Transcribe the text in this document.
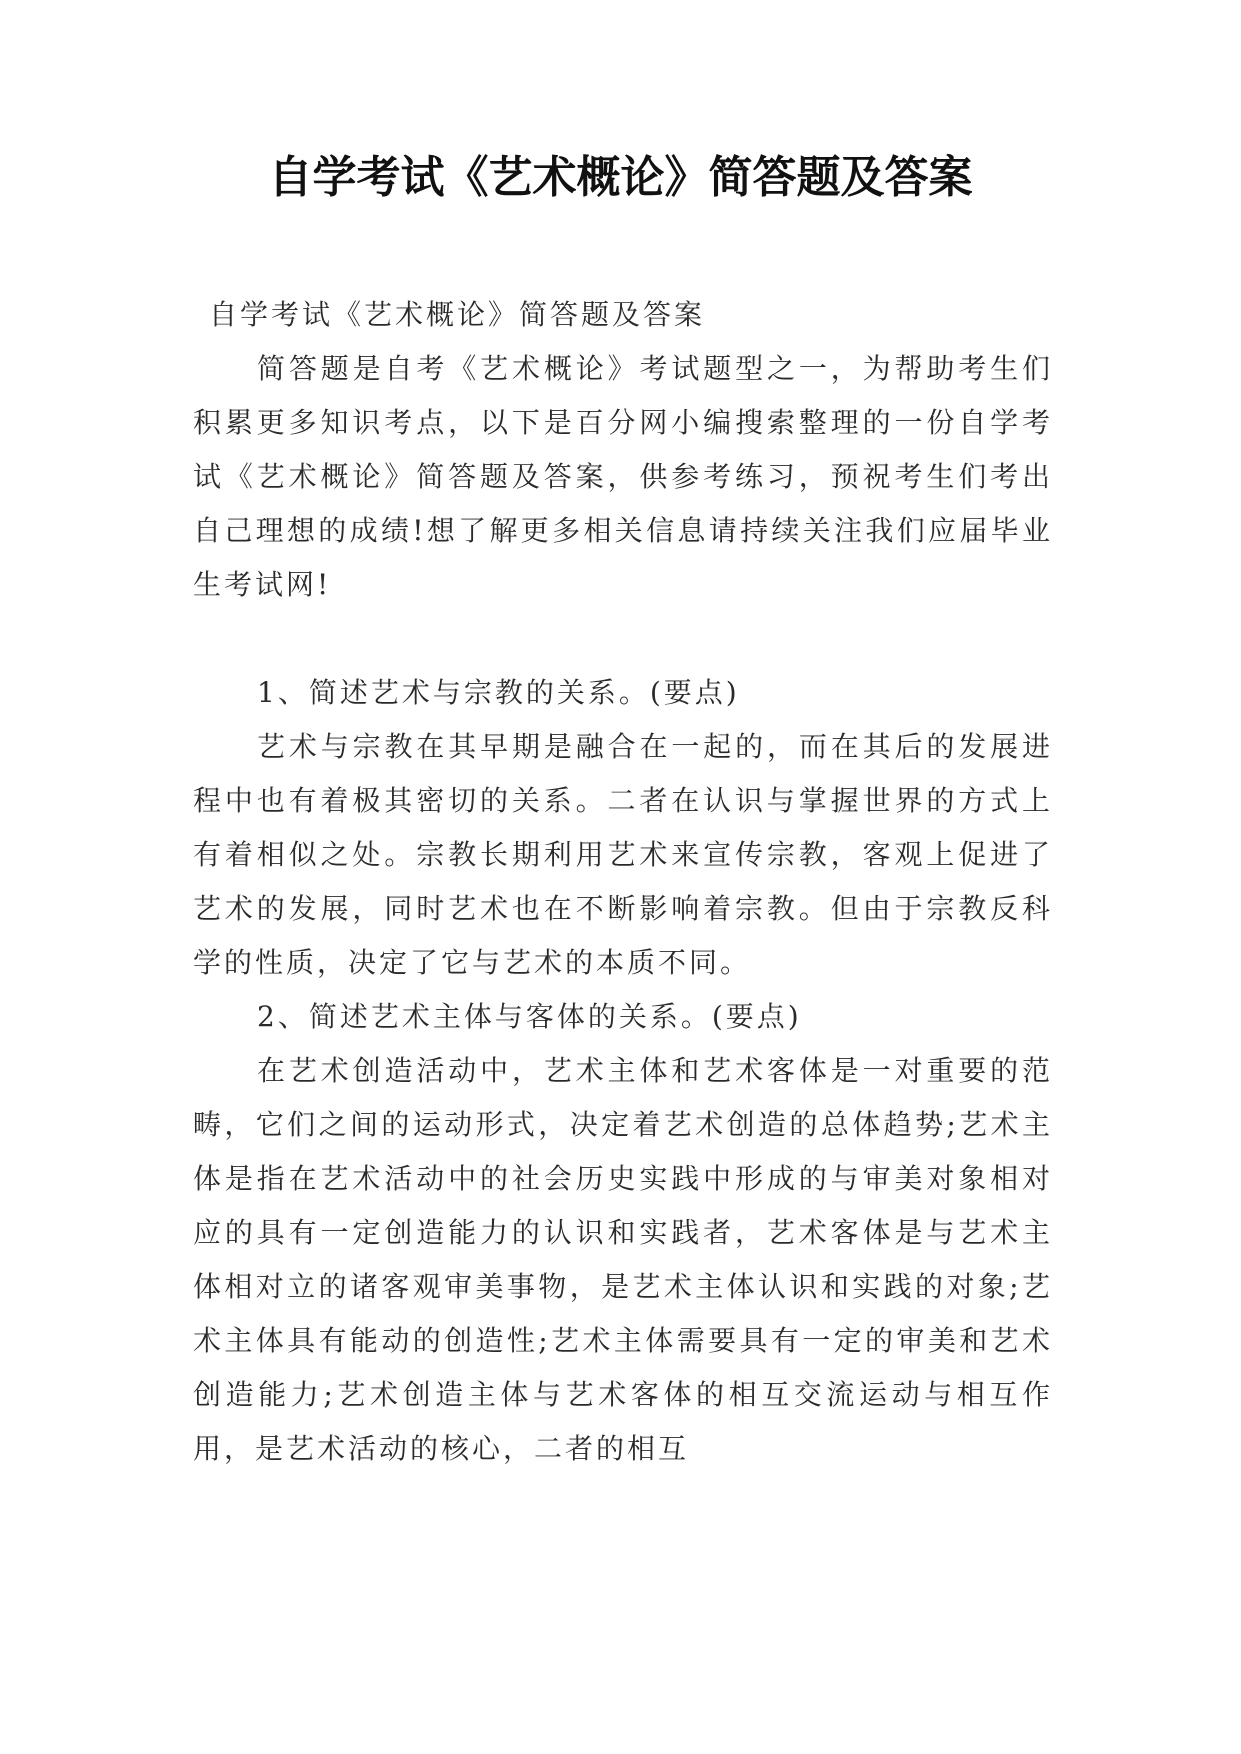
自学考试《艺术概论》简答题及答案

自学考试《艺术概论》简答题及答案

简答题是自考《艺术概论》考试题型之一，为帮助考生们积累更多知识考点，以下是百分网小编搜索整理的一份自学考试《艺术概论》简答题及答案，供参考练习，预祝考生们考出自己理想的成绩!想了解更多相关信息请持续关注我们应届毕业生考试网!

1、简述艺术与宗教的关系。(要点)

艺术与宗教在其早期是融合在一起的，而在其后的发展进程中也有着极其密切的关系。二者在认识与掌握世界的方式上有着相似之处。宗教长期利用艺术来宣传宗教，客观上促进了艺术的发展，同时艺术也在不断影响着宗教。但由于宗教反科学的性质，决定了它与艺术的本质不同。

2、简述艺术主体与客体的关系。(要点)

在艺术创造活动中，艺术主体和艺术客体是一对重要的范畴，它们之间的运动形式，决定着艺术创造的总体趋势;艺术主体是指在艺术活动中的社会历史实践中形成的与审美对象相对应的具有一定创造能力的认识和实践者，艺术客体是与艺术主体相对立的诸客观审美事物，是艺术主体认识和实践的对象;艺术主体具有能动的创造性;艺术主体需要具有一定的审美和艺术创造能力;艺术创造主体与艺术客体的相互交流运动与相互作用，是艺术活动的核心，二者的相互
